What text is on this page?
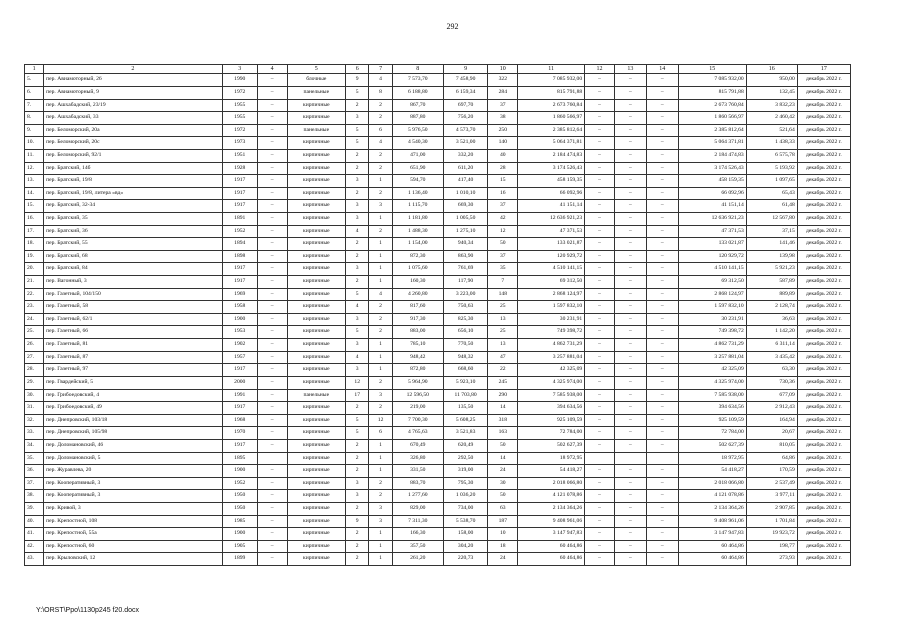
292
1	2	3	4	5	6	7	8	9	10	11	12	13	14	15	16	17
5.	пер. Авиамоторный, 26	1990	–	блочные	9	4	7 573,70	7 458,90	322	7 085 932,00	–	–	–	7 085 932,00	950,00	декабрь 2022 г.
6.	пер. Авиамоторный, 9	1972	–	панельные	5	8	6 188,80	6 159,34	284	815 791,88	–	–	–	815 791,88	132,45	декабрь 2022 г.
7.	пер. Ашхабадский, 23/19	1955	–	кирпичные	2	2	867,70	697,70	37	2 673 760,84	–	–	–	2 673 760,84	3 832,23	декабрь 2022 г.
8.	пер. Ашхабадский, 33	1955	–	кирпичные	3	2	887,80	756,20	38	1 860 566,97	–	–	–	1 860 566,97	2 460,42	декабрь 2022 г.
9.	пер. Беломорский, 20а	1972	–	панельные	5	6	5 976,50	4 573,70	250	2 385 812,64	–	–	–	2 385 812,64	521,64	декабрь 2022 г.
10.	пер. Беломорский, 20с	1973	–	кирпичные	5	4	4 540,30	3 521,00	140	5 064 371,81	–	–	–	5 064 371,81	1 438,33	декабрь 2022 г.
11.	пер. Беломорский, 92/1	1951	–	кирпичные	2	2	471,00	332,20	40	2 184 474,83	–	–	–	2 184 474,83	6 575,78	декабрь 2022 г.
12.	пер. Братский, 14б	1928	–	кирпичные	2	2	651,90	611,20	28	3 174 526,43	–	–	–	3 174 526,43	5 193,92	декабрь 2022 г.
13.	пер. Братский, 19/8	1917	–	кирпичные	3	1	594,70	417,40	15	458 159,35	–	–	–	458 159,35	1 097,65	декабрь 2022 г.
14.	пер. Братский, 19/8, литера «вд»	1917	–	кирпичные	2	2	1 136,40	1 010,10	16	66 092,96	–	–	–	66 092,96	65,43	декабрь 2022 г.
15.	пер. Братский, 32-34	1917	–	кирпичные	3	3	1 115,70	669,30	37	41 151,14	–	–	–	41 151,14	61,48	декабрь 2022 г.
16.	пер. Братский, 35	1891	–	кирпичные	3	1	1 181,80	1 005,50	42	12 636 921,23	–	–	–	12 636 921,23	12 567,80	декабрь 2022 г.
17.	пер. Братский, 36	1952	–	кирпичные	4	2	1 488,30	1 275,10	12	47 371,53	–	–	–	47 371,53	37,15	декабрь 2022 г.
18.	пер. Братский, 55	1894	–	кирпичные	2	1	1 154,00	940,34	50	133 021,87	–	–	–	133 021,87	141,46	декабрь 2022 г.
19.	пер. Братский, 68	1898	–	кирпичные	2	1	872,30	863,90	37	120 929,72	–	–	–	120 929,72	139,98	декабрь 2022 г.
20.	пер. Братский, 84	1917	–	кирпичные	3	1	1 075,60	761,69	35	4 510 141,15	–	–	–	4 510 141,15	5 921,23	декабрь 2022 г.
21.	пер. Вагонный, 3	1917	–	кирпичные	2	1	160,30	117,90	7	69 312,50	–	–	–	69 312,50	587,89	декабрь 2022 г.
22.	пер. Газетный, 104/150	1969	–	кирпичные	5	4	4 260,80	3 223,00	148	2 868 124,97	–	–	–	2 868 124,97	889,89	декабрь 2022 г.
23.	пер. Газетный, 58	1958	–	кирпичные	4	2	817,60	750,63	25	1 597 832,10	–	–	–	1 597 832,10	2 128,74	декабрь 2022 г.
24.	пер. Газетный, 62/1	1900	–	кирпичные	3	2	917,30	825,30	13	30 231,91	–	–	–	30 231,91	36,63	декабрь 2022 г.
25.	пер. Газетный, 66	1953	–	кирпичные	5	2	883,00	656,10	25	749 398,72	–	–	–	749 398,72	1 142,20	декабрь 2022 г.
26.	пер. Газетный, 81	1902	–	кирпичные	3	1	785,10	770,50	13	4 862 731,29	–	–	–	4 862 731,29	6 311,14	декабрь 2022 г.
27.	пер. Газетный, 87	1957	–	кирпичные	4	1	948,42	948,32	47	3 257 881,04	–	–	–	3 257 881,04	3 435,42	декабрь 2022 г.
28.	пер. Газетный, 97	1917	–	кирпичные	3	1	872,80	668,60	22	42 325,09	–	–	–	42 325,09	63,30	декабрь 2022 г.
29.	пер. Гвардейский, 5	2000	–	кирпичные	12	2	5 964,90	5 923,10	245	4 325 974,00	–	–	–	4 325 974,00	730,36	декабрь 2022 г.
30.	пер. Грибоедовский, 4	1991	–	панельные	17	3	12 596,50	11 703,80	290	7 585 938,00	–	–	–	7 585 938,00	677,09	декабрь 2022 г.
31.	пер. Грибоедовский, 49	1917	–	кирпичные	2	2	219,00	135,50	14	394 634,56	–	–	–	394 634,56	2 912,43	декабрь 2022 г.
32.	пер. Днепровский, 103/18	1968	–	кирпичные	5	12	7 700,30	5 608,25	318	925 109,59	–	–	–	925 109,59	164,94	декабрь 2022 г.
33.	пер. Днепровский, 105/98	1970	–	кирпичные	5	6	4 765,63	3 521,83	163	72 784,00	–	–	–	72 784,00	20,67	декабрь 2022 г.
34.	пер. Доломановский, 46	1917	–	кирпичные	2	1	670,49	620,49	50	502 627,39	–	–	–	502 627,39	810,05	декабрь 2022 г.
35.	пер. Доломановский, 5	1895		кирпичные	2	1	326,80	292,50	14	18 972,95				18 972,95	64,86	декабрь 2022 г.
36.	пер. Журавлева, 20	1900	–	кирпичные	2	1	331,50	319,00	24	54 418,27	–	–	–	54 418,27	170,59	декабрь 2022 г.
37.	пер. Кооперативный, 3	1952	–	кирпичные	3	2	883,70	795,30	30	2 018 066,80	–	–	–	2 018 066,80	2 537,49	декабрь 2022 г.
38.	пер. Кооперативный, 3	1950	–	кирпичные	3	2	1 277,60	1 036,20	50	4 121 078,86	–	–	–	4 121 078,86	3 977,11	декабрь 2022 г.
39.	пер. Кривой, 3	1950	–	кирпичные	2	3	829,00	734,00	63	2 134 364,26	–	–	–	2 134 364,26	2 907,85	декабрь 2022 г.
40.	пер. Крепостной, 108	1985	–	кирпичные	9	3	7 311,30	5 538,70	187	9 408 961,06	–	–	–	9 408 961,06	1 701,84	декабрь 2022 г.
41.	пер. Крепостной, 55а	1900	–	кирпичные	2	1	166,30	158,00	10	3 147 947,83	–	–	–	3 147 947,83	19 923,72	декабрь 2022 г.
42.	пер. Крепостной, 60	1905	–	кирпичные	2	1	357,50	304,20	18	60 464,86	–	–	–	60 464,86	198,77	декабрь 2022 г.
43.	пер. Крыловский, 12	1899	–	кирпичные	2	1	261,20	220,73	24	60 464,86	–	–	–	60 464,86	273,93	декабрь 2022 г.
Y:\ORST\Ppo\1130p245 f20.docx
